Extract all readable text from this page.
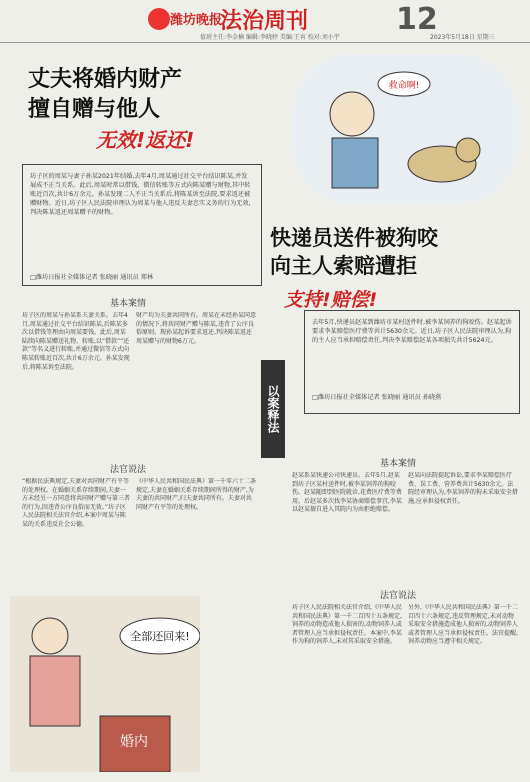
潍坊晚报
法治周刊	12
值班主任:李金楠 编辑:李晓婷 美编:王宵 校对:刘小宇	2023年5月18日 星期三
丈夫将婚内财产
擅自赠与他人
无效!返还!
坊子区的周某与妻子孙某2021年结婚,去年4月,周某通过社交平台结识陈某,并发展成不正当关系。此后,周某时常以借钱、微信转账等方式向陈某赠与财物,其中转账近百次,共计6万余元。孙某发现二人不正当关系后,将陈某诉至法院,要求返还被赠财物。近日,坊子区人民法院审理认为周某与他人违反夫妻忠实义务的行为无效,判决陈某返还周某赠予的财物。
□潍坊日报社全媒体记者 张晓丽 通讯员 郑林
基本案情
坊子区的周某与孙某系夫妻关系。去年4月,周某通过社交平台结识陈某,后陈某多次以借钱等理由向周某要钱。此后,周某陆续向陈某赠送礼物、转账,以“借款”“还款”等名义进行转账,并通过微信等方式向陈某转账近百次,共计6万余元。孙某发现后,将陈某诉至法院。
财产均为夫妻共同所有。周某在未经孙某同意的情况下,将共同财产赠与陈某,违背了公序良俗原则。现孙某起诉要求返还,判决陈某返还周某赠与的财物6万元。
法官说法
“根据民法典规定,夫妻对共同财产有平等的处理权。在婚姻关系存续期间,夫妻一方未经另一方同意将共同财产赠与第三者的行为,因违背公序良俗而无效。”坊子区人民法院相关法官介绍,本案中周某与陈某的关系违反社会公德。
《中华人民共和国民法典》第一千零六十二条规定,夫妻在婚姻关系存续期间所得的财产,为夫妻的共同财产,归夫妻共同所有。夫妻对共同财产有平等的处理权。
全部还回来!
婚内
救命啊!
快递员送件被狗咬
向主人索赔遭拒
支持!赔偿!
去年5月,快递员赵某到潍坊市某村送件时,被李某饲养的狗咬伤。赵某起诉要求李某赔偿医疗费等共计5630余元。近日,坊子区人民法院审理认为,狗的主人应当承担赔偿责任,判决李某赔偿赵某各项损失共计5624元。
□潍坊日报社全媒体记者 张晓丽 通讯员 孙晓燕
以案释法
基本案情
赵某系某快递公司快递员。去年5月,赵某到坊子区某村送件时,被李某饲养的狗咬伤。赵某随即到医院就诊,花费医疗费等费用。后赵某多次找李某协商赔偿事宜,李某以赵某擅自进入其院内为由拒绝赔偿。
赵某向法院提起诉讼,要求李某赔偿医疗费、误工费、营养费共计5630余元。法院经审理认为,李某饲养的狗未采取安全措施,应承担侵权责任。
法官说法
坊子区人民法院相关法官介绍,《中华人民共和国民法典》第一千二百四十五条规定,饲养的动物造成他人损害的,动物饲养人或者管理人应当承担侵权责任。本案中,李某作为狗的饲养人,未对其采取安全措施。
另外,《中华人民共和国民法典》第一千二百四十六条规定,违反管理规定,未对动物采取安全措施造成他人损害的,动物饲养人或者管理人应当承担侵权责任。法官提醒,饲养动物应当遵守相关规定。
